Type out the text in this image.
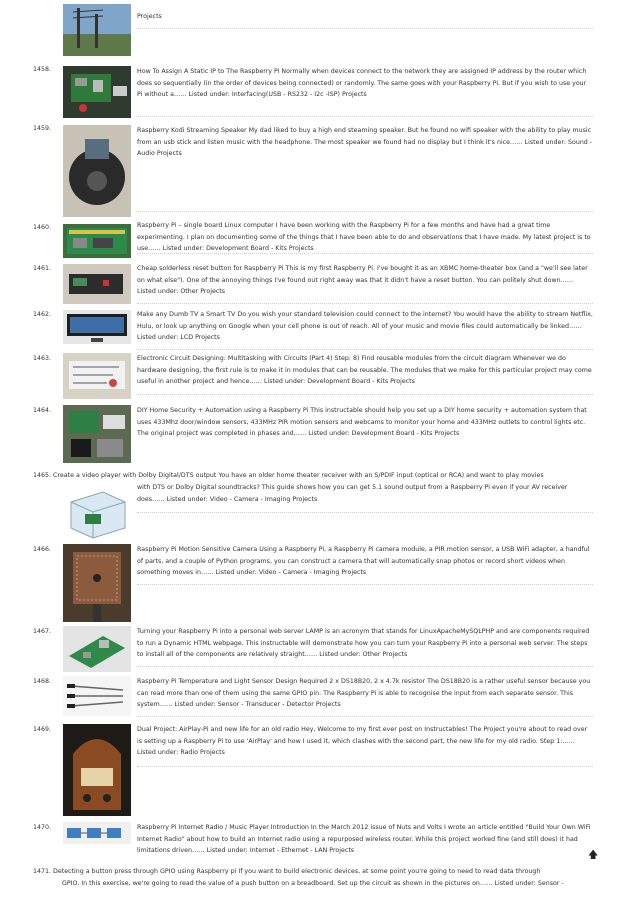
Projects
1458.	How To Assign A Static IP to The Raspberry Pi Normally when devices connect to the network they are assigned IP address by the router which does so sequentially (in the order of devices being connected) or randomly. The same goes with your Raspberry Pi. But if you wish to use your Pi without a…… Listed under: Interfacing(USB - RS232 - I2c -ISP) Projects
1459.	Raspberry Kodi Streaming Speaker My dad liked to buy a high end steaming speaker. But he found no wifi speaker with the ability to play music from an usb stick and listen music with the headphone. The most speaker we found had no display but I think it's nice…… Listed under: Sound - Audio Projects
1460.	Raspberry Pi – single board Linux computer I have been working with the Raspberry Pi for a few months and have had a great time experimenting. I plan on documenting some of the things that I have been able to do and observations that I have made. My latest project is to use…… Listed under: Development Board - Kits Projects
1461.	Cheap solderless reset button for Raspberry Pi This is my first Raspberry Pi. I've bought it as an XBMC home-theater box (and a "we'll see later on what else"). One of the annoying things I've found out right away was that it didn't have a reset button. You can politely shut down…… Listed under: Other Projects
1462.	Make any Dumb TV a Smart TV Do you wish your standard television could connect to the internet? You would have the ability to stream Netflix, Hulu, or look up anything on Google when your cell phone is out of reach. All of your music and movie files could automatically be linked…… Listed under: LCD Projects
1463.	Electronic Circuit Designing: Multitasking with Circuits (Part 4) Step: 8) Find reusable modules from the circuit diagram Whenever we do hardware designing, the first rule is to make it in modules that can be reusable. The modules that we make for this particular project may come useful in another project and hence…… Listed under: Development Board - Kits Projects
1464.	DIY Home Security + Automation using a Raspberry Pi This instructable should help you set up a DIY home security + automation system that uses 433Mhz door/window sensors, 433MHz PIR motion sensors and webcams to monitor your home and 433MHz outlets to control lights etc. The original project was completed in phases and…… Listed under: Development Board - Kits Projects
1465. Create a video player with Dolby Digital/DTS output You have an older home theater receiver with an S/PDIF input (optical or RCA) and want to play movies
with DTS or Dolby Digital soundtracks? This guide shows how you can get 5.1 sound output from a Raspberry Pi even if your AV receiver does…… Listed under: Video - Camera - Imaging Projects
1466.	Raspberry Pi Motion Sensitive Camera Using a Raspberry Pi, a Raspberry Pi camera module, a PIR motion sensor, a USB WiFi adapter, a handful of parts, and a couple of Python programs, you can construct a camera that will automatically snap photos or record short videos when something moves in…… Listed under: Video - Camera - Imaging Projects
1467.	Turning your Raspberry Pi into a personal web server LAMP is an acronym that stands for LinuxApacheMySQLPHP and are components required to run a Dynamic HTML webpage. This instructable will demonstrate how you can turn your Raspberry Pi into a personal web server. The steps to install all of the components are relatively straight…… Listed under: Other Projects
1468.	Raspberry Pi Temperature and Light Sensor Design Required 2 x DS18B20, 2 x 4.7k resistor The DS18B20 is a rather useful sensor because you can read more than one of them using the same GPIO pin. The Raspberry Pi is able to recognise the input from each separate sensor. This system…… Listed under: Sensor - Transducer - Detector Projects
1469.	Dual Project: AirPlay-Pi and new life for an old radio Hey, Welcome to my first ever post on Instructables! The Project you're about to read over is setting up a Raspberry Pi to use 'AirPlay' and how I used it, which clashes with the second part, the new life for my old radio. Step 1:…… Listed under: Radio Projects
1470.	Raspberry Pi Internet Radio / Music Player Introduction In the March 2012 issue of Nuts and Volts I wrote an article entitled "Build Your Own WiFi Internet Radio" about how to build an Internet radio using a repurposed wireless router. While this project worked fine (and still does) it had limitations driven…… Listed under: Internet - Ethernet - LAN Projects
1471. Detecting a button press through GPIO using Raspberry pi If you want to build electronic devices, at some point you're going to need to read data through
GPIO. In this exercise, we're going to read the value of a push button on a breadboard. Set up the circuit as shown in the pictures on…… Listed under: Sensor -
🡅
